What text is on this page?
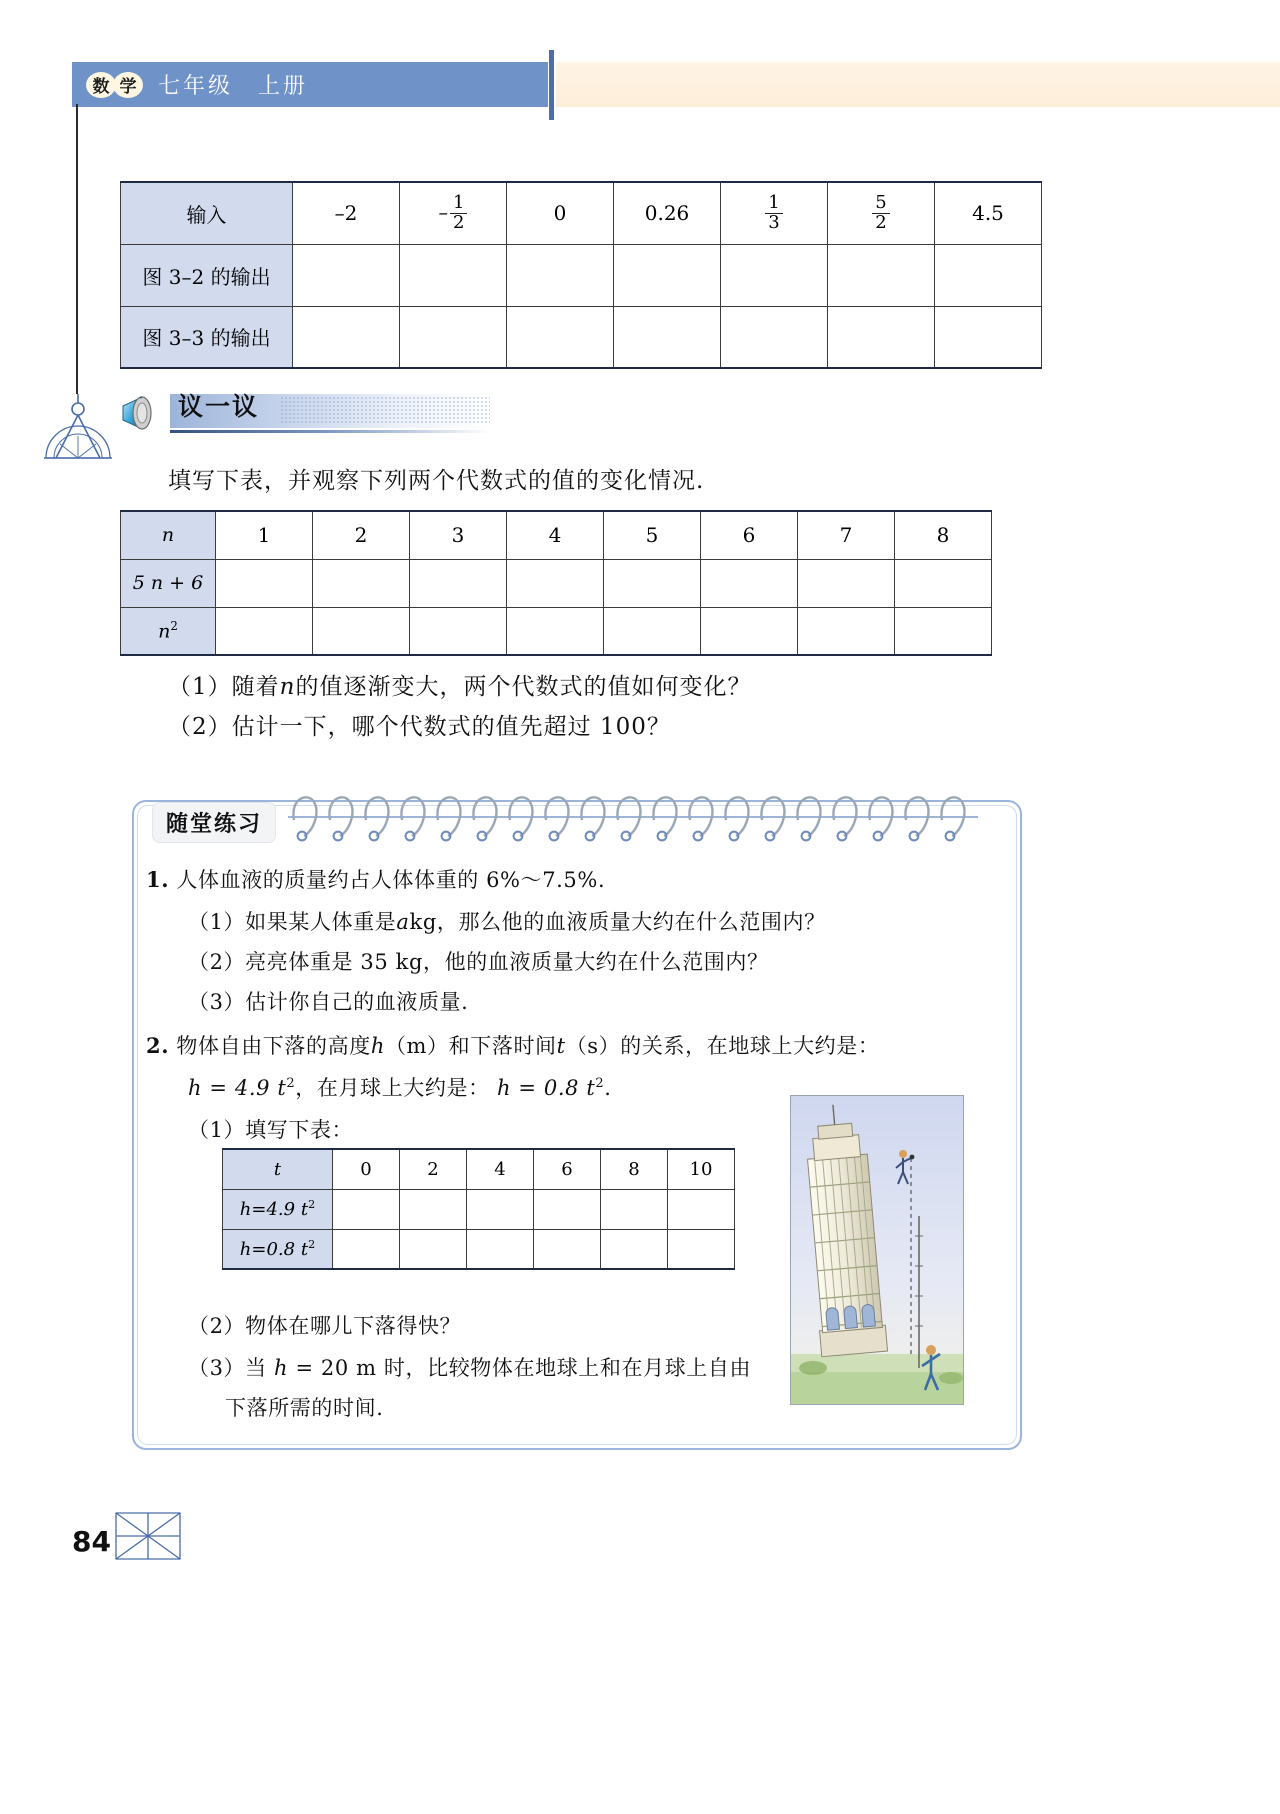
数 学 七年级　上册
输入	–2	– $\frac{1}{2}$	0	0.26	$\frac{1}{3}$	$\frac{5}{2}$	4.5
图 3–2 的输出							
图 3–3 的输出							
议一议
填写下表，并观察下列两个代数式的值的变化情况.
n	1	2	3	4	5	6	7	8
5 n + 6								
$n^2$								
（1）随着n的值逐渐变大，两个代数式的值如何变化？
（2）估计一下，哪个代数式的值先超过 100？
随堂练习
1. 人体血液的质量约占人体体重的 6%～7.5%.
（1）如果某人体重是akg，那么他的血液质量大约在什么范围内？
（2）亮亮体重是 35 kg，他的血液质量大约在什么范围内？
（3）估计你自己的血液质量.
2. 物体自由下落的高度h（m）和下落时间t（s）的关系，在地球上大约是：
h = 4.9 $t^2$，在月球上大约是： h = 0.8 $t^2$.
（1）填写下表：
t	0	2	4	6	8	10
h=4.9 $t^2$						
h=0.8 $t^2$						
（2）物体在哪儿下落得快？
（3）当 h = 20 m 时，比较物体在地球上和在月球上自由
下落所需的时间.
84
